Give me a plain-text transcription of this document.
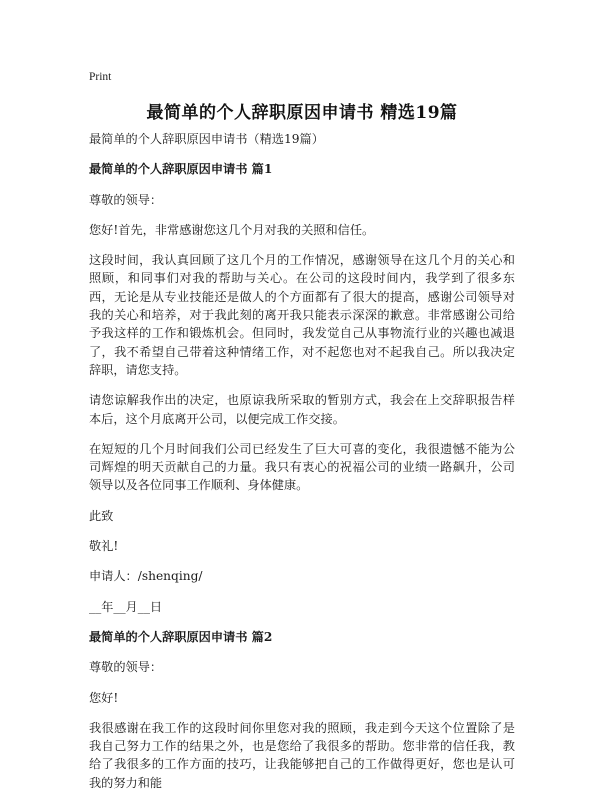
Print
最简单的个人辞职原因申请书 精选19篇

最简单的个人辞职原因申请书（精选19篇）

最简单的个人辞职原因申请书 篇1

尊敬的领导：

您好!首先，非常感谢您这几个月对我的关照和信任。

这段时间，我认真回顾了这几个月的工作情况，感谢领导在这几个月的关心和照顾，和同事们对我的帮助与关心。在公司的这段时间内，我学到了很多东西，无论是从专业技能还是做人的个方面都有了很大的提高，感谢公司领导对我的关心和培养，对于我此刻的离开我只能表示深深的歉意。非常感谢公司给予我这样的工作和锻炼机会。但同时，我发觉自己从事物流行业的兴趣也减退了，我不希望自己带着这种情绪工作，对不起您也对不起我自己。所以我决定辞职，请您支持。

请您谅解我作出的决定，也原谅我所采取的暂别方式，我会在上交辞职报告样本后，这个月底离开公司，以便完成工作交接。

在短短的几个月时间我们公司已经发生了巨大可喜的变化，我很遗憾不能为公司辉煌的明天贡献自己的力量。我只有衷心的祝福公司的业绩一路飙升，公司领导以及各位同事工作顺利、身体健康。

此致

敬礼!

申请人：/shenqing/

__年__月__日

最简单的个人辞职原因申请书 篇2

尊敬的领导：

您好!

我很感谢在我工作的这段时间你里您对我的照顾，我走到今天这个位置除了是我自己努力工作的结果之外，也是您给了我很多的帮助。您非常的信任我，教给了我很多的工作方面的技巧，让我能够把自己的工作做得更好，您也是认可我的努力和能
